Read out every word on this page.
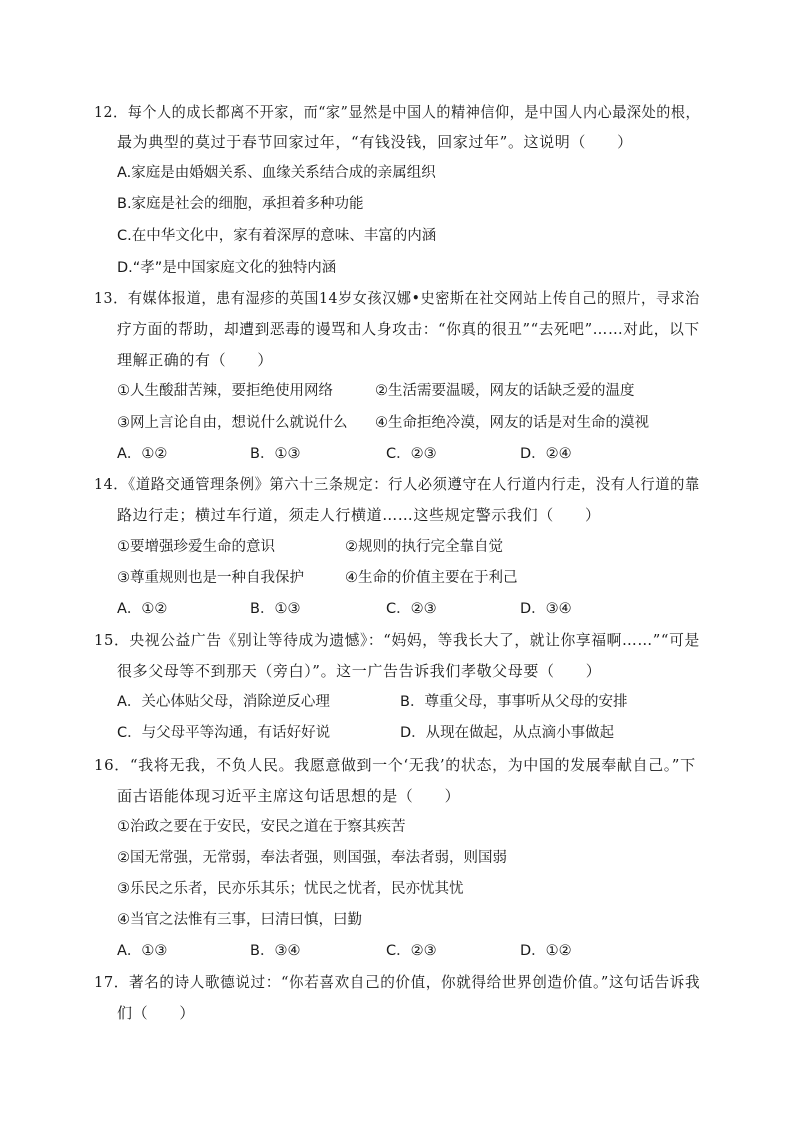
12．每个人的成长都离不开家，而“家”显然是中国人的精神信仰，是中国人内心最深处的根，
最为典型的莫过于春节回家过年，“有钱没钱，回家过年”。这说明（　　）
A.家庭是由婚姻关系、血缘关系结合成的亲属组织
B.家庭是社会的细胞，承担着多种功能
C.在中华文化中，家有着深厚的意味、丰富的内涵
D.“孝”是中国家庭文化的独特内涵
13．有媒体报道，患有湿疹的英国14岁女孩汉娜•史密斯在社交网站上传自己的照片，寻求治
疗方面的帮助，却遭到恶毒的谩骂和人身攻击：“你真的很丑”“去死吧”……对此，以下
理解正确的有（　　）
①人生酸甜苦辣，要拒绝使用网络	②生活需要温暖，网友的话缺乏爱的温度
③网上言论自由，想说什么就说什么 ④生命拒绝冷漠，网友的话是对生命的漠视
A．①②	B．①③	C．②③	D．②④
14．《道路交通管理条例》第六十三条规定：行人必须遵守在人行道内行走，没有人行道的靠
路边行走；横过车行道，须走人行横道……这些规定警示我们（　　）
①要增强珍爱生命的意识	②规则的执行完全靠自觉
③尊重规则也是一种自我保护	④生命的价值主要在于利己
A．①②	B．①③	C．②③	D．③④
15．央视公益广告《别让等待成为遗憾》：“妈妈，等我长大了，就让你享福啊……”“可是
很多父母等不到那天（旁白）”。这一广告告诉我们孝敬父母要（　　）
A．关心体贴父母，消除逆反心理	B．尊重父母，事事听从父母的安排
C．与父母平等沟通，有话好好说	D．从现在做起，从点滴小事做起
16．“我将无我，不负人民。我愿意做到一个‘无我’的状态，为中国的发展奉献自己。”下
面古语能体现习近平主席这句话思想的是（　　）
①治政之要在于安民，安民之道在于察其疾苦
②国无常强，无常弱，奉法者强，则国强，奉法者弱，则国弱
③乐民之乐者，民亦乐其乐；忧民之忧者，民亦忧其忧
④当官之法惟有三事，曰清曰慎，曰勤
A．①③	B．③④	C．②③	D．①②
17．著名的诗人歌德说过：“你若喜欢自己的价值，你就得给世界创造价值。”这句话告诉我
们（　　）
